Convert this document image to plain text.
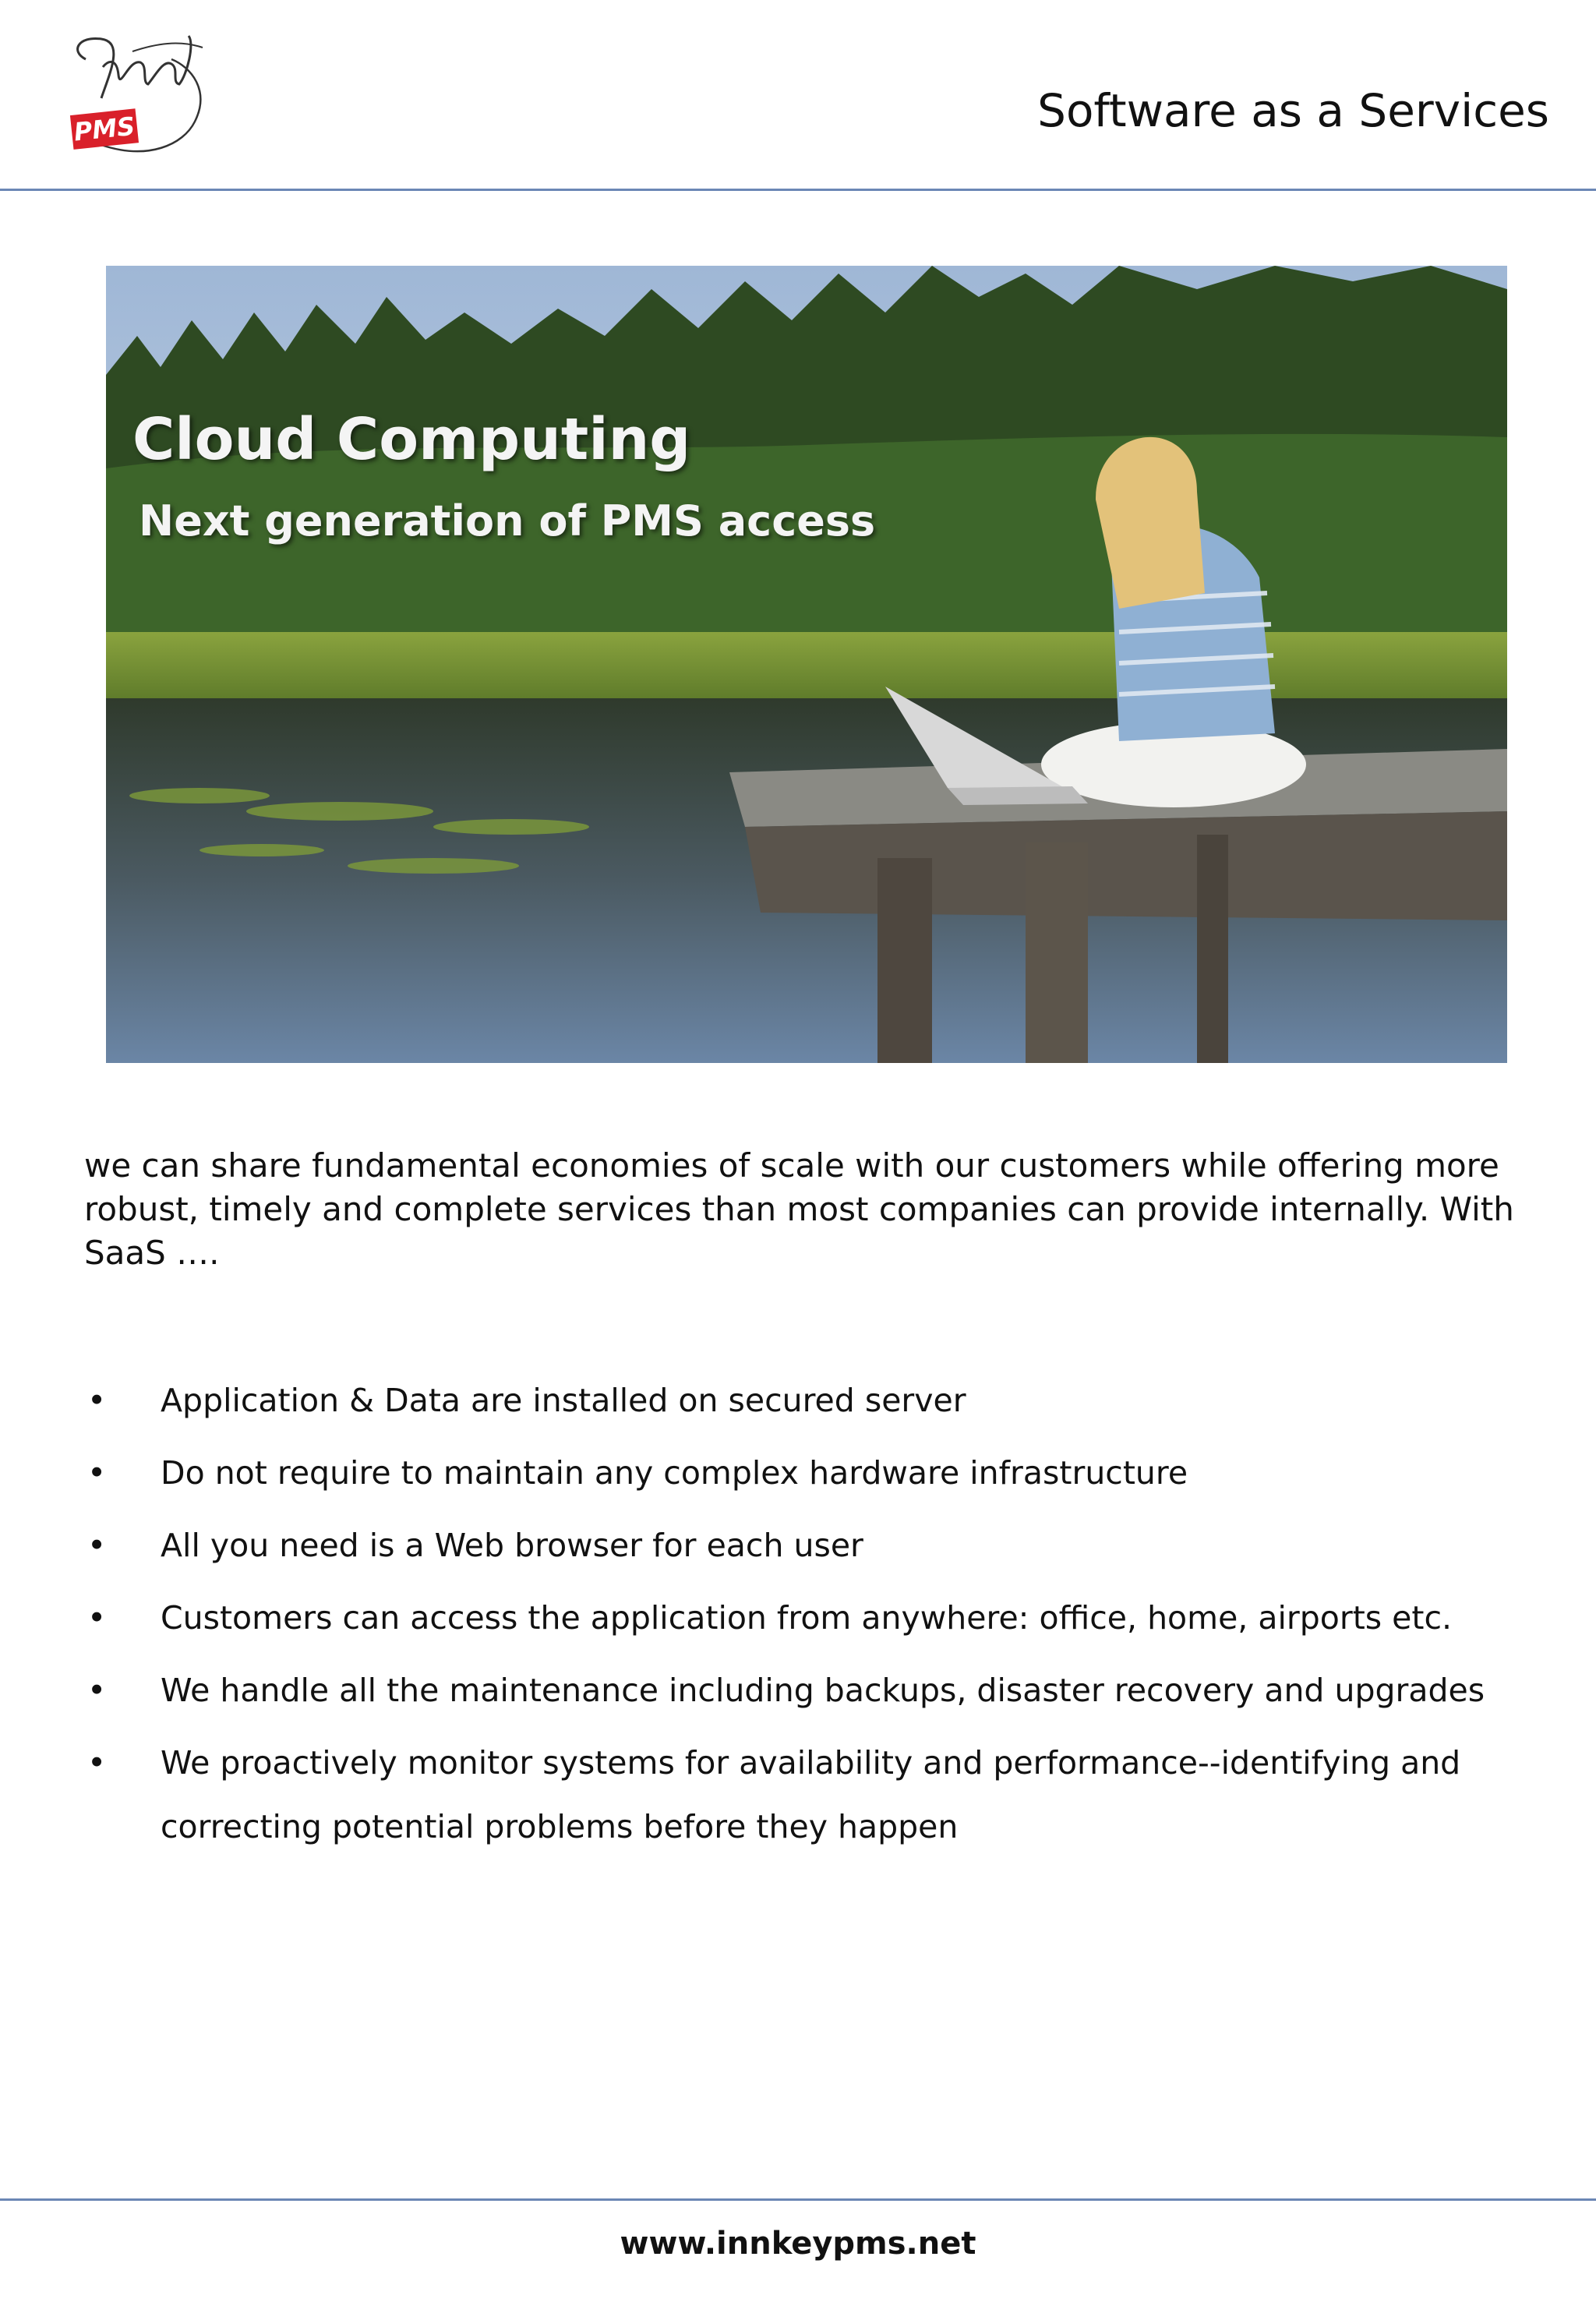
PMS	Software as a Services
Cloud Computing
Next generation of PMS access

we can share fundamental economies of scale with our customers while offering more robust, timely and complete services than most companies can provide internally. With SaaS ….

• Application & Data are installed on secured server
• Do not require to maintain any complex hardware infrastructure
• All you need is a Web browser for each user
• Customers can access the application from anywhere: office, home, airports etc.
• We handle all the maintenance including backups, disaster recovery and upgrades
• We proactively monitor systems for availability and performance--identifying and correcting potential problems before they happen
www.innkeypms.net
